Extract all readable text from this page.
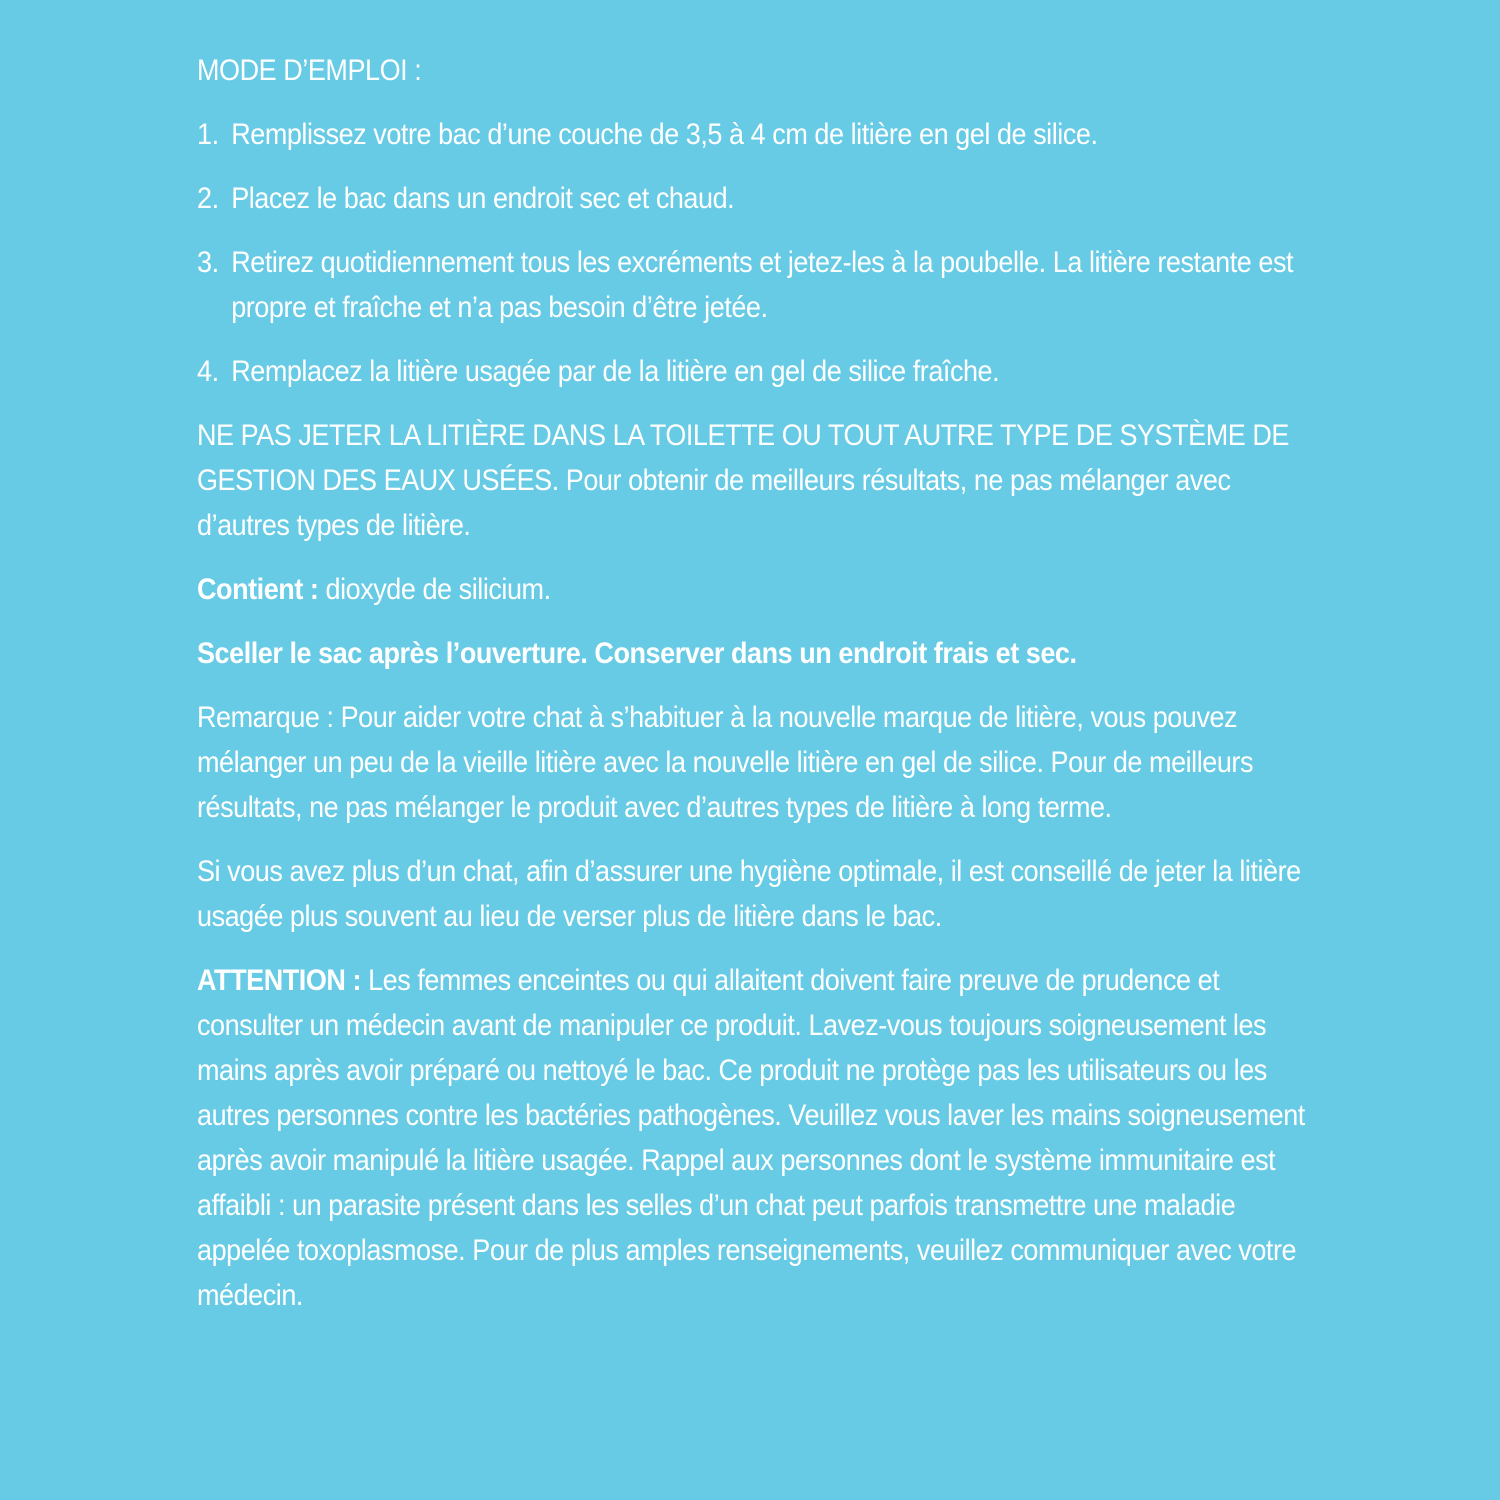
MODE D’EMPLOI :
1. Remplissez votre bac d’une couche de 3,5 à 4 cm de litière en gel de silice.
2. Placez le bac dans un endroit sec et chaud.
3. Retirez quotidiennement tous les excréments et jetez-les à la poubelle. La litière restante est propre et fraîche et n’a pas besoin d’être jetée.
4. Remplacez la litière usagée par de la litière en gel de silice fraîche.
NE PAS JETER LA LITIÈRE DANS LA TOILETTE OU TOUT AUTRE TYPE DE SYSTÈME DE GESTION DES EAUX USÉES. Pour obtenir de meilleurs résultats, ne pas mélanger avec d’autres types de litière.
Contient : dioxyde de silicium.
Sceller le sac après l’ouverture. Conserver dans un endroit frais et sec.
Remarque : Pour aider votre chat à s’habituer à la nouvelle marque de litière, vous pouvez mélanger un peu de la vieille litière avec la nouvelle litière en gel de silice. Pour de meilleurs résultats, ne pas mélanger le produit avec d’autres types de litière à long terme.
Si vous avez plus d’un chat, afin d’assurer une hygiène optimale, il est conseillé de jeter la litière usagée plus souvent au lieu de verser plus de litière dans le bac.
ATTENTION : Les femmes enceintes ou qui allaitent doivent faire preuve de prudence et consulter un médecin avant de manipuler ce produit. Lavez-vous toujours soigneusement les mains après avoir préparé ou nettoyé le bac. Ce produit ne protège pas les utilisateurs ou les autres personnes contre les bactéries pathogènes. Veuillez vous laver les mains soigneusement après avoir manipulé la litière usagée. Rappel aux personnes dont le système immunitaire est affaibli : un parasite présent dans les selles d’un chat peut parfois transmettre une maladie appelée toxoplasmose. Pour de plus amples renseignements, veuillez communiquer avec votre médecin.
